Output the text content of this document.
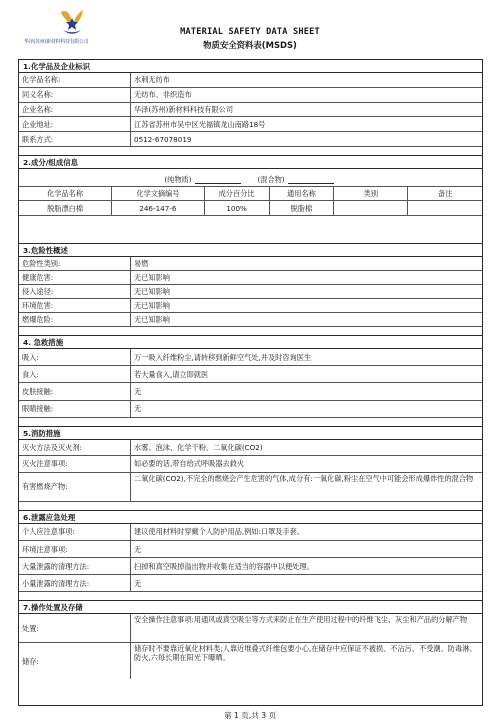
华泽(苏州)新材料科技有限公司
MATERIAL SAFETY DATA SHEET
物质安全资料表(MSDS)
1.化学品及企业标识
化学品名称:	水刺无纺布
同义名称:	无纺布、非织造布
企业名称:	华泽(苏州)新材料科技有限公司
企业地址:	江苏省苏州市吴中区光福镇龙山南路18号
联系方式:	0512-67078019
2.成分/组成信息
(纯物质)	(混合物)
化学品名称	化学文摘编号	成分百分比	通用名称	类别	备注
脱脂漂白棉	246-147-6	100%	脱脂棉		
3.危险性概述
危险性类别:	易燃
健康危害:	无已知影响
侵入途径:	无已知影响
环境危害:	无已知影响
燃爆危险:	无已知影响
4. 急救措施
吸入:	万一吸入纤维粉尘,请转移到新鲜空气处,并及时咨询医生
食入:	若大量食入,请立即就医
皮肤接触:	无
眼睛接触:	无
5.消防措施
灭火方法及灭火剂:	水雾、泡沫、化学干粉、二氧化碳(CO2)
灭火注意事项:	如必要的话,带自给式呼吸器去救火
有害燃烧产物:
二氧化碳(CO2),不完全的燃烧会产生危害的气体,成分有:一氧化碳,粉尘在空气中可能会形成爆炸性的混合物
6.泄露应急处理
个人应注意事项:	建议使用材料时穿戴个人防护用品,例如:口罩及手套。
环境注意事项:	无
大量泄露的清理方法:	扫掉和真空吸掉溢出物并收集在适当的容器中以便处理。
小量泄露的清理方法:	无
7.操作处置及存储
处置:
安全操作注意事项:用通风或真空吸尘等方式来防止在生产使用过程中的纤维飞尘、灰尘和产品的分解产物
储存:
储存时不要靠近氧化材料类;人靠近堆叠式纤维包要小心,在储存中应保证不被损、不沾污、不受潮、防毒淋、防火,六每长期在阳光下曝晒。
第 1 页,共 3 页
